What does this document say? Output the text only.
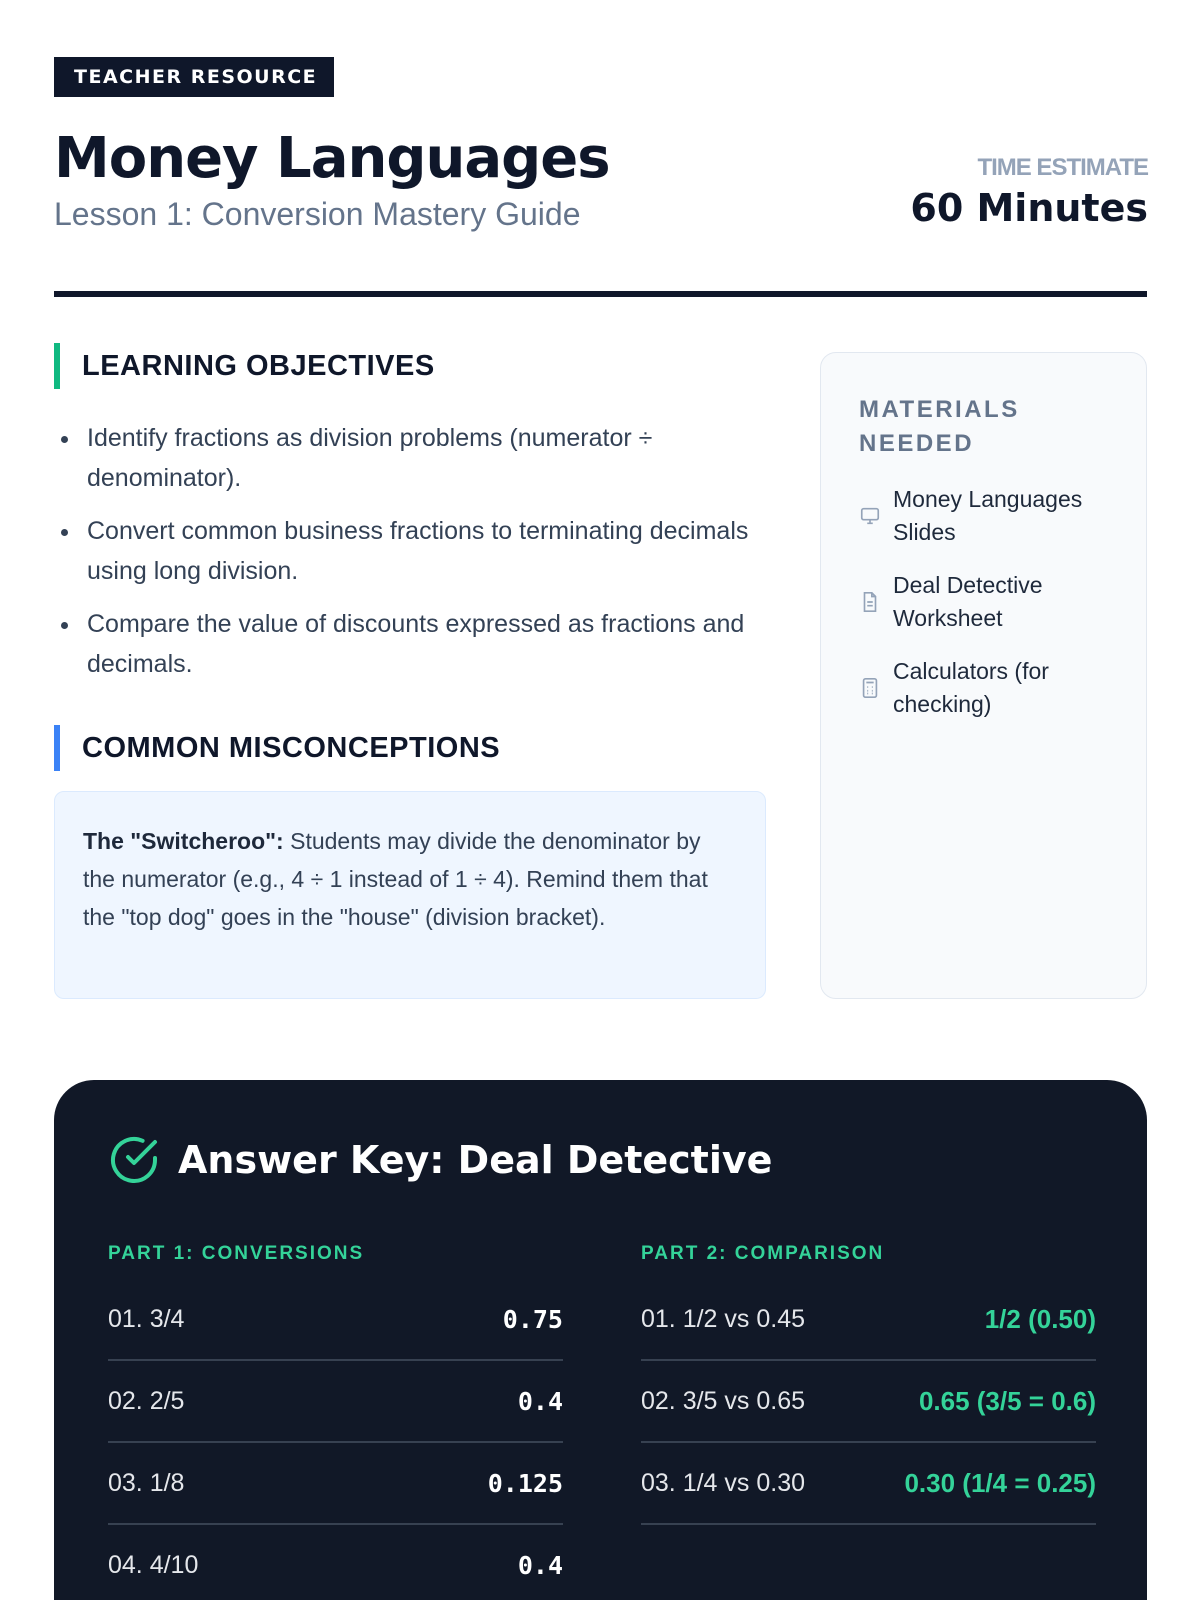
TEACHER RESOURCE
Money Languages
Lesson 1: Conversion Mastery Guide
TIME ESTIMATE
60 Minutes
LEARNING OBJECTIVES
Identify fractions as division problems (numerator ÷ denominator).
Convert common business fractions to terminating decimals using long division.
Compare the value of discounts expressed as fractions and decimals.
COMMON MISCONCEPTIONS
The "Switcheroo": Students may divide the denominator by the numerator (e.g., 4 ÷ 1 instead of 1 ÷ 4). Remind them that the "top dog" goes in the "house" (division bracket).
MATERIALS NEEDED
Money Languages Slides
Deal Detective Worksheet
Calculators (for checking)
Answer Key: Deal Detective
PART 1: CONVERSIONS
01. 3/4	0.75
02. 2/5	0.4
03. 1/8	0.125
04. 4/10	0.4
PART 2: COMPARISON
01. 1/2 vs 0.45	1/2 (0.50)
02. 3/5 vs 0.65	0.65 (3/5 = 0.6)
03. 1/4 vs 0.30	0.30 (1/4 = 0.25)
